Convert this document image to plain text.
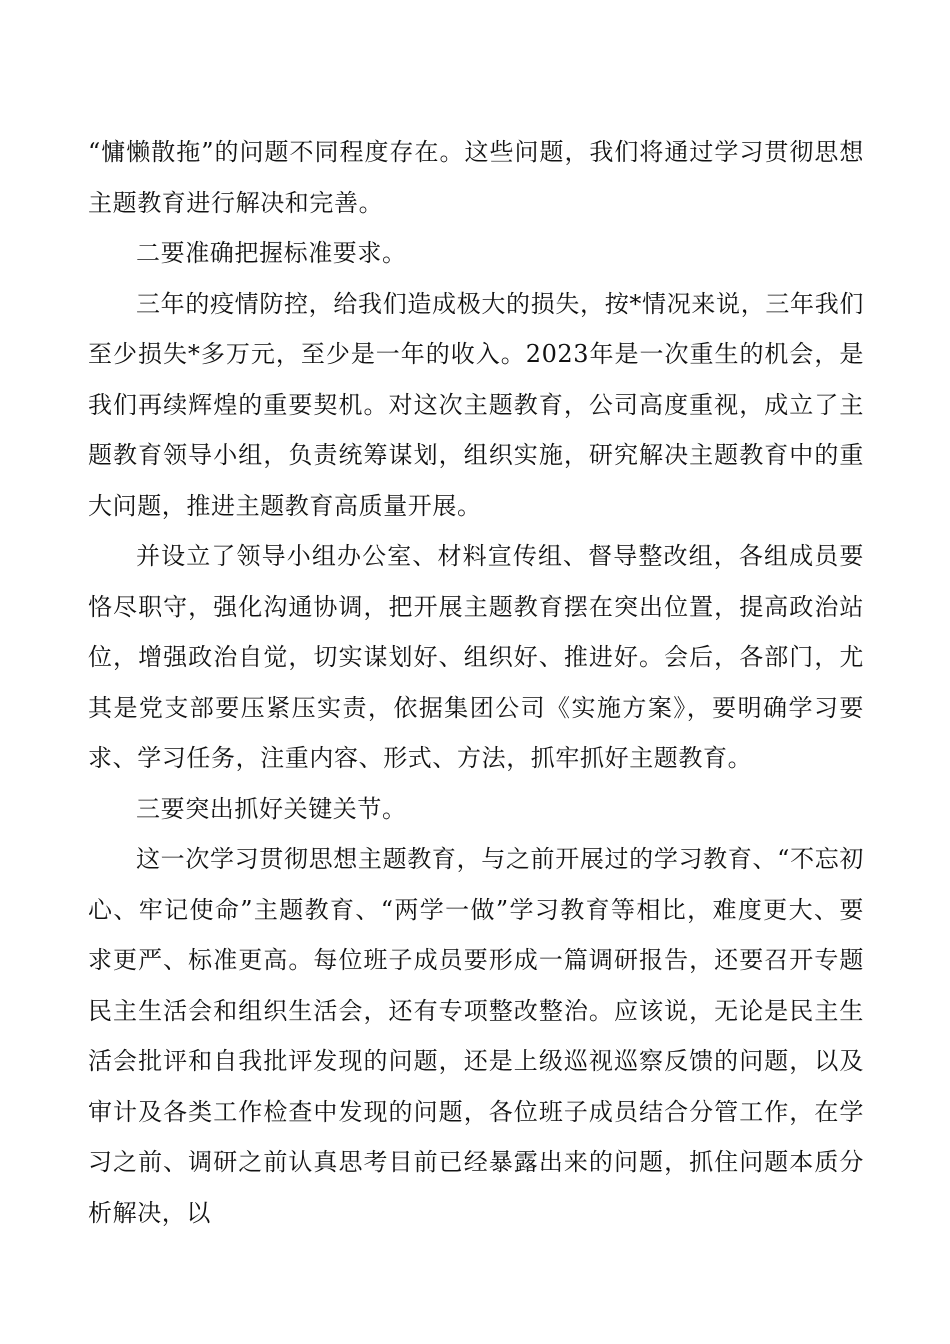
“慵懒散拖”的问题不同程度存在。这些问题，我们将通过学习贯彻思想主题教育进行解决和完善。

二要准确把握标准要求。

三年的疫情防控，给我们造成极大的损失，按*情况来说，三年我们至少损失*多万元，至少是一年的收入。2023年是一次重生的机会，是我们再续辉煌的重要契机。对这次主题教育，公司高度重视，成立了主题教育领导小组，负责统筹谋划，组织实施，研究解决主题教育中的重大问题，推进主题教育高质量开展。

并设立了领导小组办公室、材料宣传组、督导整改组，各组成员要恪尽职守，强化沟通协调，把开展主题教育摆在突出位置，提高政治站位，增强政治自觉，切实谋划好、组织好、推进好。会后，各部门，尤其是党支部要压紧压实责，依据集团公司《实施方案》，要明确学习要求、学习任务，注重内容、形式、方法，抓牢抓好主题教育。

三要突出抓好关键关节。

这一次学习贯彻思想主题教育，与之前开展过的学习教育、“不忘初心、牢记使命”主题教育、“两学一做”学习教育等相比，难度更大、要求更严、标准更高。每位班子成员要形成一篇调研报告，还要召开专题民主生活会和组织生活会，还有专项整改整治。应该说，无论是民主生活会批评和自我批评发现的问题，还是上级巡视巡察反馈的问题，以及审计及各类工作检查中发现的问题，各位班子成员结合分管工作，在学习之前、调研之前认真思考目前已经暴露出来的问题，抓住问题本质分析解决，以
